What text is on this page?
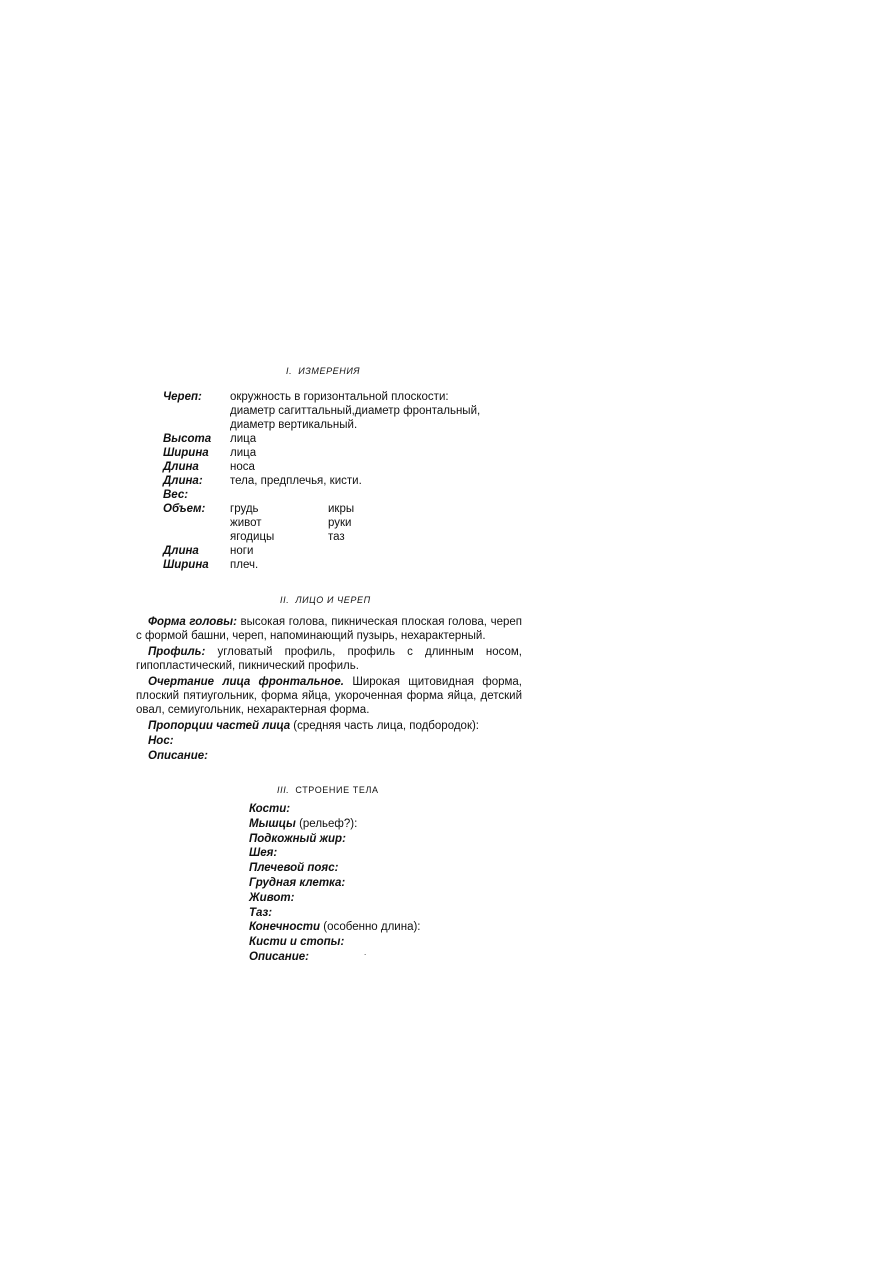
I. ИЗМЕРЕНИЯ
Череп: окружность в горизонтальной плоскости:
диаметр сагиттальный,диаметр фронтальный,
диаметр вертикальный.
Высота лица
Ширина лица
Длина	носа
Длина: тела, предплечья, кисти.
Вес:
Объем: грудь	икры
живот	руки
ягодицы	таз
Длина	ноги
Ширина плеч.
II. ЛИЦО И ЧЕРЕП

Форма головы: высокая голова, пикническая плоская голова, череп с формой башни, череп, напоминающий пузырь, нехарактерный.

Профиль: угловатый профиль, профиль с длинным носом, гипопластический, пикнический профиль.

Очертание лица фронтальное. Широкая щитовидная форма, плоский пятиугольник, форма яйца, укороченная форма яйца, детский овал, семиугольник, нехарактерная форма.

Пропорции частей лица (средняя часть лица, подбородок):

Нос:

Описание:

III. СТРОЕНИЕ ТЕЛА
Кости:
Мышцы (рельеф?):
Подкожный жир:
Шея:
Плечевой пояс:
Грудная клетка:
Живот:
Таз:
Конечности (особенно длина):
Кисти и стопы:
Описание:	.
